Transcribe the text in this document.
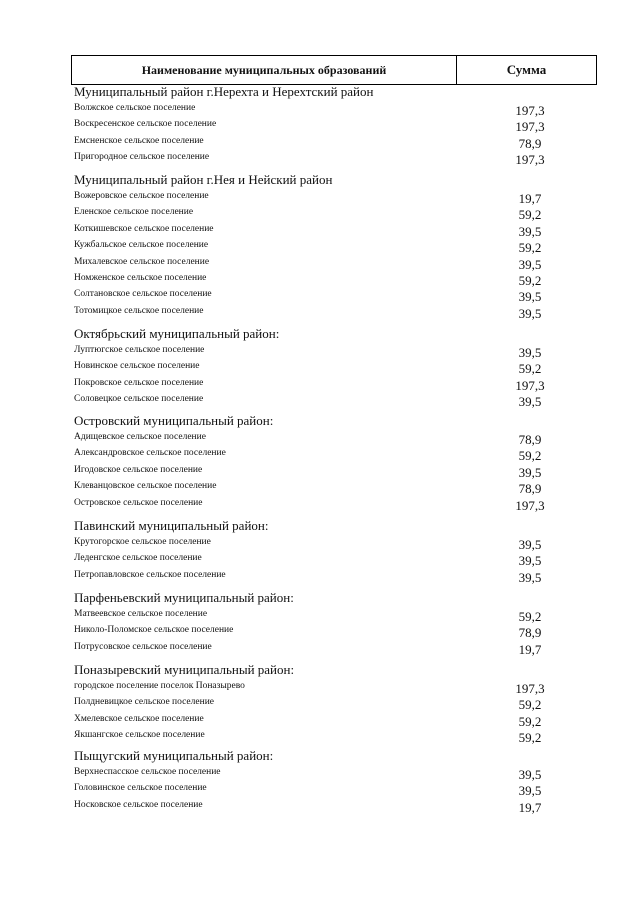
Наименование муниципальных образований	Сумма
Муниципальный район г.Нерехта и Нерехтский район
Волжское сельское поселение	197,3
Воскресенское сельское поселение	197,3
Емсненское сельское поселение	78,9
Пригородное сельское поселение	197,3
Муниципальный район г.Нея и Нейский район
Вожеровское сельское поселение	19,7
Еленское сельское поселение	59,2
Коткишевское сельское поселение	39,5
Кужбальское сельское поселение	59,2
Михалевское сельское поселение	39,5
Номженское сельское поселение	59,2
Солтановское сельское поселение	39,5
Тотомицкое сельское поселение	39,5
Октябрьский муниципальный район:
Луптюгское сельское поселение	39,5
Новинское сельское поселение	59,2
Покровское сельское поселение	197,3
Соловецкое сельское поселение	39,5
Островский муниципальный район:
Адищевское сельское поселение	78,9
Александровское сельское поселение	59,2
Игодовское сельское поселение	39,5
Клеванцовское сельское поселение	78,9
Островское сельское поселение	197,3
Павинский муниципальный район:
Крутогорское сельское поселение	39,5
Леденгское сельское поселение	39,5
Петропавловское сельское поселение	39,5
Парфеньевский муниципальный район:
Матвеевское сельское поселение	59,2
Николо-Поломское сельское поселение	78,9
Потрусовское сельское поселение	19,7
Поназыревский муниципальный район:
городское поселение поселок Поназырево	197,3
Полдневицкое сельское поселение	59,2
Хмелевское сельское поселение	59,2
Якшангское сельское поселение	59,2
Пыщугский муниципальный район:
Верхнеспасское сельское поселение	39,5
Головинское сельское поселение	39,5
Носковское сельское поселение	19,7
